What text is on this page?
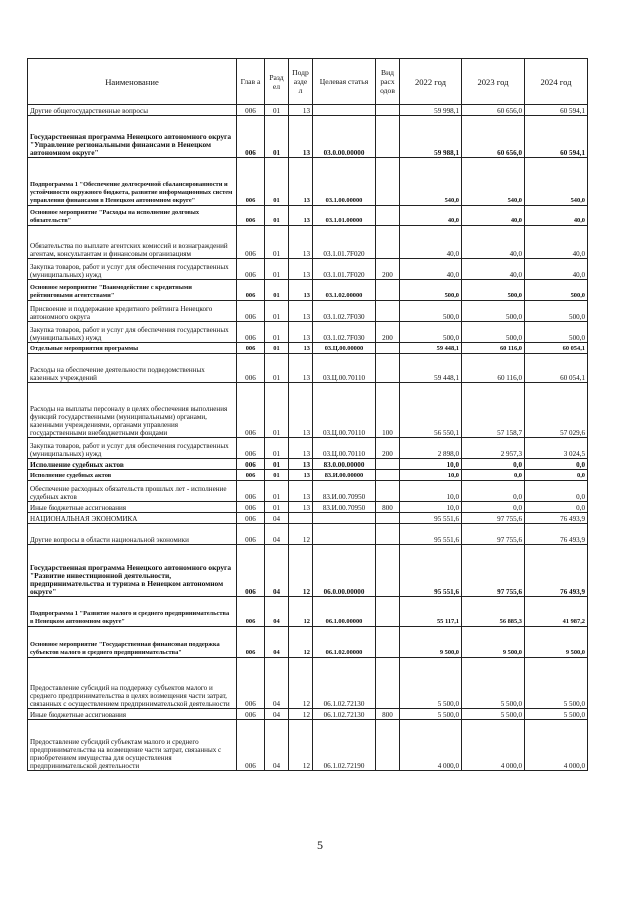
Наименование	Глав а	Разд ел	Подр азде л	Целевая статья	Вид расх одов	2022 год	2023 год	2024 год
Другие общегосударственные вопросы	006	01	13			59 998,1	60 656,0	60 594,1
Государственная программа Ненецкого автономного округа "Управление региональными финансами в Ненецком автономном округе"	006	01	13	03.0.00.00000		59 988,1	60 656,0	60 594,1
Подпрограмма 1 "Обеспечение долгосрочной сбалансированности и устойчивости окружного бюджета, развитие информационных систем управления финансами в Ненецком автономном округе"	006	01	13	03.1.00.00000		540,0	540,0	540,0
Основное мероприятие "Расходы на исполнение долговых обязательств"	006	01	13	03.1.01.00000		40,0	40,0	40,0
Обязательства по выплате агентских комиссий и вознаграждений агентам, консультантам и финансовым организациям	006	01	13	03.1.01.7F020		40,0	40,0	40,0
Закупка товаров, работ и услуг для обеспечения государственных (муниципальных) нужд	006	01	13	03.1.01.7F020	200	40,0	40,0	40,0
Основное мероприятие "Взаимодействие с кредитными рейтинговыми агентствами"	006	01	13	03.1.02.00000		500,0	500,0	500,0
Присвоение и поддержание кредитного рейтинга Ненецкого автономного округа	006	01	13	03.1.02.7F030		500,0	500,0	500,0
Закупка товаров, работ и услуг для обеспечения государственных (муниципальных) нужд	006	01	13	03.1.02.7F030	200	500,0	500,0	500,0
Отдельные мероприятия программы	006	01	13	03.Ц.00.00000		59 448,1	60 116,0	60 054,1
Расходы на обеспечение деятельности подведомственных казенных учреждений	006	01	13	03.Ц.00.70110		59 448,1	60 116,0	60 054,1
Расходы на выплаты персоналу в целях обеспечения выполнения функций государственными (муниципальными) органами, казенными учреждениями, органами управления государственными внебюджетными фондами	006	01	13	03.Ц.00.70110	100	56 550,1	57 158,7	57 029,6
Закупка товаров, работ и услуг для обеспечения государственных (муниципальных) нужд	006	01	13	03.Ц.00.70110	200	2 898,0	2 957,3	3 024,5
Исполнение судебных актов	006	01	13	83.0.00.00000		10,0	0,0	0,0
Исполнение судебных актов	006	01	13	83.И.00.00000		10,0	0,0	0,0
Обеспечение расходных обязательств прошлых лет - исполнение судебных актов	006	01	13	83.И.00.70950		10,0	0,0	0,0
Иные бюджетные ассигнования	006	01	13	83.И.00.70950	800	10,0	0,0	0,0
НАЦИОНАЛЬНАЯ ЭКОНОМИКА	006	04				95 551,6	97 755,6	76 493,9
Другие вопросы в области национальной экономики	006	04	12			95 551,6	97 755,6	76 493,9
Государственная программа Ненецкого автономного округа "Развитие инвестиционной деятельности, предпринимательства и туризма в Ненецком автономном округе"	006	04	12	06.0.00.00000		95 551,6	97 755,6	76 493,9
Подпрограмма 1 "Развитие малого и среднего предпринимательства в Ненецком автономном округе"	006	04	12	06.1.00.00000		55 117,1	56 885,3	41 987,2
Основное мероприятие "Государственная финансовая поддержка субъектов малого и среднего предпринимательства"	006	04	12	06.1.02.00000		9 500,0	9 500,0	9 500,0
Предоставление субсидий на поддержку субъектов малого и среднего предпринимательства в целях возмещения части затрат, связанных с осуществлением предпринимательской деятельности	006	04	12	06.1.02.72130		5 500,0	5 500,0	5 500,0
Иные бюджетные ассигнования	006	04	12	06.1.02.72130	800	5 500,0	5 500,0	5 500,0
Предоставление субсидий субъектам малого и среднего предпринимательства на возмещение части затрат, связанных с приобретением имущества для осуществления предпринимательской деятельности	006	04	12	06.1.02.72190		4 000,0	4 000,0	4 000,0
5
